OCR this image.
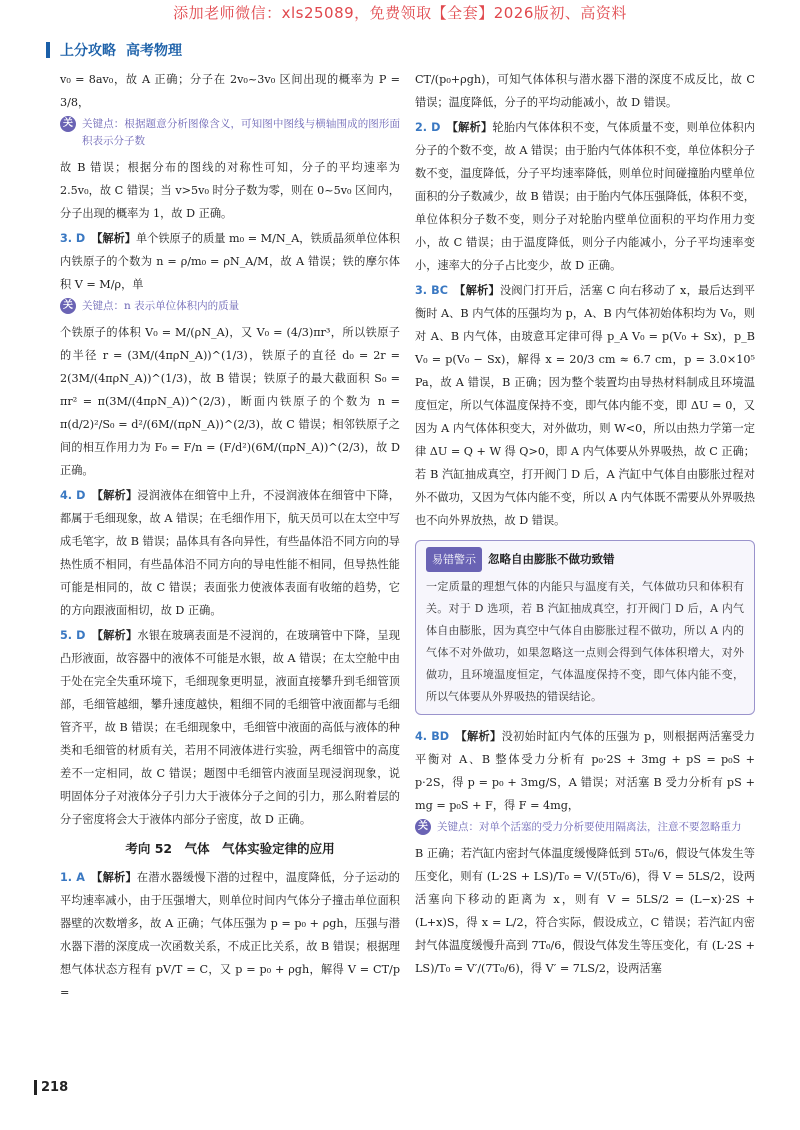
添加老师微信：xls25089，免费领取【全套】2026版初、高资料
上分攻略 高考物理

v₀ = 8av₀，故 A 正确；分子在 2v₀~3v₀ 区间出现的概率为 P = 3/8，

关 关键点：根据题意分析图像含义，可知图中图线与横轴围成的图形面积表示分子数

故 B 错误；根据分布的图线的对称性可知，分子的平均速率为 2.5v₀，故 C 错误；当 v>5v₀ 时分子数为零，则在 0~5v₀ 区间内，分子出现的概率为 1，故 D 正确。

3. D 【解析】单个铁原子的质量 m₀ = M/N_A，铁质晶须单位体积内铁原子的个数为 n = ρ/m₀ = ρN_A/M，故 A 错误；铁的摩尔体积 V = M/ρ，单

关 关键点：n 表示单位体积内的质量

个铁原子的体积 V₀ = M/(ρN_A)，又 V₀ = (4/3)πr³，所以铁原子的半径 r = (3M/(4πρN_A))^(1/3)，铁原子的直径 d₀ = 2r = 2(3M/(4πρN_A))^(1/3)，故 B 错误；铁原子的最大截面积 S₀ = πr² = π(3M/(4πρN_A))^(2/3)，断面内铁原子的个数为 n = π(d/2)²/S₀ = d²/(6M/(πρN_A))^(2/3)，故 C 错误；相邻铁原子之间的相互作用力为 F₀ = F/n = (F/d²)(6M/(πρN_A))^(2/3)，故 D 正确。

4. D 【解析】浸润液体在细管中上升，不浸润液体在细管中下降，都属于毛细现象，故 A 错误；在毛细作用下，航天员可以在太空中写成毛笔字，故 B 错误；晶体具有各向异性，有些晶体沿不同方向的导热性质不相同，有些晶体沿不同方向的导电性能不相同，但导热性能可能是相同的，故 C 错误；表面张力使液体表面有收缩的趋势，它的方向跟液面相切，故 D 正确。

5. D 【解析】水银在玻璃表面是不浸润的，在玻璃管中下降，呈现凸形液面，故容器中的液体不可能是水银，故 A 错误；在太空舱中由于处在完全失重环境下，毛细现象更明显，液面直接攀升到毛细管顶部，毛细管越细，攀升速度越快，粗细不同的毛细管中液面都与毛细管齐平，故 B 错误；在毛细现象中，毛细管中液面的高低与液体的种类和毛细管的材质有关，若用不同液体进行实验，两毛细管中的高度差不一定相同，故 C 错误；题图中毛细管内液面呈现浸润现象，说明固体分子对液体分子引力大于液体分子之间的引力，那么附着层的分子密度将会大于液体内部分子密度，故 D 正确。

考向 52　气体　气体实验定律的应用

1. A 【解析】在潜水器缓慢下潜的过程中，温度降低，分子运动的平均速率减小，由于压强增大，则单位时间内气体分子撞击单位面积器壁的次数增多，故 A 正确；气体压强为 p = p₀ + ρgh，压强与潜水器下潜的深度成一次函数关系，不成正比关系，故 B 错误；根据理想气体状态方程有 pV/T = C，又 p = p₀ + ρgh，解得 V = CT/p =

CT/(p₀+ρgh)，可知气体体积与潜水器下潜的深度不成反比，故 C 错误；温度降低，分子的平均动能减小，故 D 错误。

2. D 【解析】轮胎内气体体积不变，气体质量不变，则单位体积内分子的个数不变，故 A 错误；由于胎内气体体积不变，单位体积分子数不变，温度降低，分子平均速率降低，则单位时间碰撞胎内壁单位面积的分子数减少，故 B 错误；由于胎内气体压强降低，体积不变，单位体积分子数不变，则分子对轮胎内壁单位面积的平均作用力变小，故 C 错误；由于温度降低，则分子内能减小，分子平均速率变小，速率大的分子占比变少，故 D 正确。

3. BC 【解析】没阀门打开后，活塞 C 向右移动了 x，最后达到平衡时 A、B 内气体的压强均为 p，A、B 内气体初始体积均为 V₀，则对 A、B 内气体，由玻意耳定律可得 p_A V₀ = p(V₀ + Sx)，p_B V₀ = p(V₀ − Sx)，解得 x = 20/3 cm ≈ 6.7 cm，p = 3.0×10⁵ Pa，故 A 错误，B 正确；因为整个装置均由导热材料制成且环境温度恒定，所以气体温度保持不变，即气体内能不变，即 ΔU = 0，又因为 A 内气体体积变大，对外做功，则 W<0，所以由热力学第一定律 ΔU = Q + W 得 Q>0，即 A 内气体要从外界吸热，故 C 正确；若 B 汽缸抽成真空，打开阀门 D 后，A 汽缸中气体自由膨胀过程对外不做功，又因为气体内能不变，所以 A 内气体既不需要从外界吸热也不向外界放热，故 D 错误。

易错警示 忽略自由膨胀不做功致错
一定质量的理想气体的内能只与温度有关，气体做功只和体积有关。对于 D 选项，若 B 汽缸抽成真空，打开阀门 D 后，A 内气体自由膨胀，因为真空中气体自由膨胀过程不做功，所以 A 内的气体不对外做功，如果忽略这一点则会得到气体体积增大，对外做功，且环境温度恒定，气体温度保持不变，即气体内能不变，所以气体要从外界吸热的错误结论。

4. BD 【解析】没初始时缸内气体的压强为 p，则根据两活塞受力平衡对 A、B 整体受力分析有 p₀·2S + 3mg + pS = p₀S + p·2S，得 p = p₀ + 3mg/S，A 错误；对活塞 B 受力分析有 pS + mg = p₀S + F，得 F = 4mg，

关 关键点：对单个活塞的受力分析要使用隔离法，注意不要忽略重力

B 正确；若汽缸内密封气体温度缓慢降低到 5T₀/6，假设气体发生等压变化，则有 (L·2S + LS)/T₀ = V/(5T₀/6)，得 V = 5LS/2，设两活塞向下移动的距离为 x，则有 V = 5LS/2 = (L−x)·2S + (L+x)S，得 x = L/2，符合实际，假设成立，C 错误；若汽缸内密封气体温度缓慢升高到 7T₀/6，假设气体发生等压变化，有 (L·2S + LS)/T₀ = V′/(7T₀/6)，得 V′ = 7LS/2，设两活塞

218
